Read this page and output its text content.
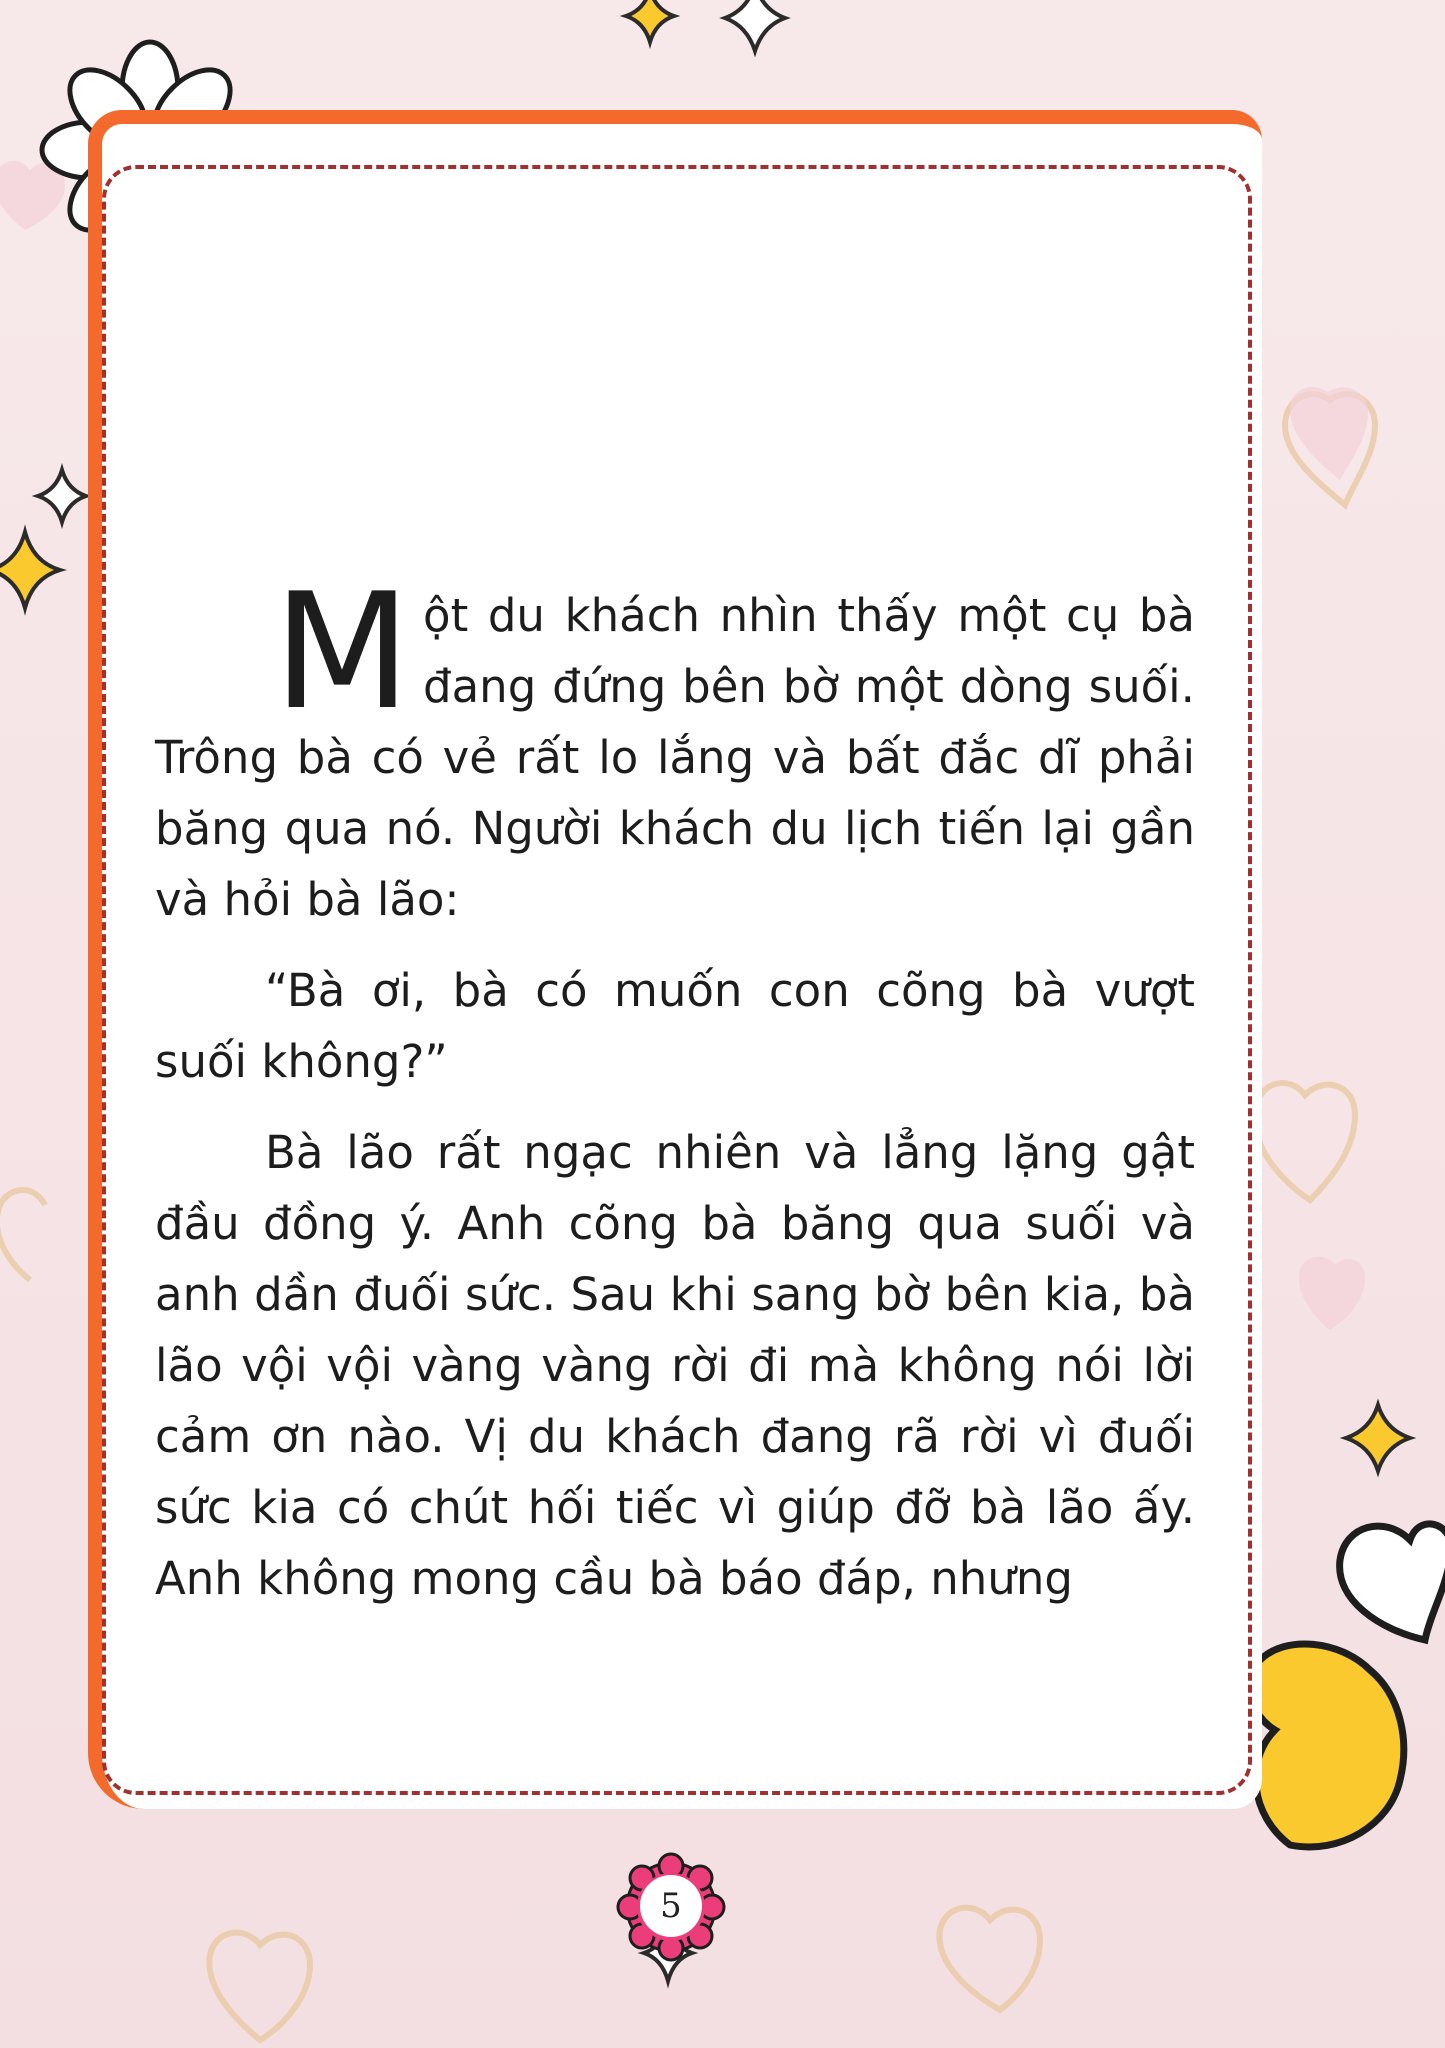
M ột du khách nhìn thấy một cụ bà đang đứng bên bờ một dòng suối. Trông bà có vẻ rất lo lắng và bất đắc dĩ phải băng qua nó. Người khách du lịch tiến lại gần và hỏi bà lão:

“Bà ơi, bà có muốn con cõng bà vượt suối không?”

Bà lão rất ngạc nhiên và lẳng lặng gật đầu đồng ý. Anh cõng bà băng qua suối và anh dần đuối sức. Sau khi sang bờ bên kia, bà lão vội vội vàng vàng rời đi mà không nói lời cảm ơn nào. Vị du khách đang rã rời vì đuối sức kia có chút hối tiếc vì giúp đỡ bà lão ấy. Anh không mong cầu bà báo đáp, nhưng

5
